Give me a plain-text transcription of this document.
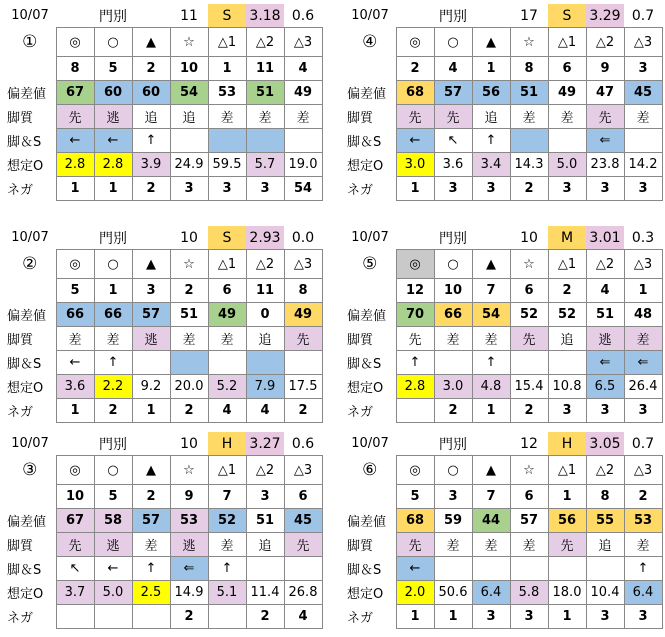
10/07		門別		11	S	3.18	0.6
①	◎	○	▲	☆	△1	△2	△3
	8	5	2	10	1	11	4
偏差値	67	60	60	54	53	51	49
脚質	先	逃	追	追	差	差	差
脚＆S	←	←	↑				
想定O	2.8	2.8	3.9	24.9	59.5	5.7	19.0
ネガ	1	1	2	3	3	3	54
10/07		門別		17	S	3.29	0.7
④	◎	○	▲	☆	△1	△2	△3
	2	4	1	8	6	9	3
偏差値	68	57	56	51	49	47	45
脚質	先	先	追	差	差	先	差
脚＆S	←	↖	↑			⇐	
想定O	3.0	3.6	3.4	14.3	5.0	23.8	14.2
ネガ	1	3	3	2	3	3	3
10/07		門別		10	S	2.93	0.0
②	◎	○	▲	☆	△1	△2	△3
	5	1	3	2	6	11	8
偏差値	66	66	57	51	49	0	49
脚質	差	差	逃	差	差	追	先
脚＆S	←	↑					
想定O	3.6	2.2	9.2	20.0	5.2	7.9	17.5
ネガ	1	2	1	2	4	4	2
10/07		門別		10	M	3.01	0.3
⑤	◎	○	▲	☆	△1	△2	△3
	12	10	7	6	2	4	1
偏差値	70	66	54	52	52	51	48
脚質	先	差	差	先	追	逃	差
脚＆S	↑		↑			⇐	⇐
想定O	2.8	3.0	4.8	15.4	10.8	6.5	26.4
ネガ		2	1	2	3	3	3
10/07		門別		10	H	3.27	0.6
③	◎	○	▲	☆	△1	△2	△3
	10	5	2	9	7	3	6
偏差値	67	58	57	53	52	51	45
脚質	先	逃	差	逃	差	追	先
脚＆S	↖	←	↑	⇐	↑		
想定O	3.7	5.0	2.5	14.9	5.1	11.4	26.8
ネガ				2		2	4
10/07		門別		12	H	3.05	0.7
⑥	◎	○	▲	☆	△1	△2	△3
	5	3	7	6	1	8	2
偏差値	68	59	44	57	56	55	53
脚質	先	差	差	差	先	追	差
脚＆S	←						↑
想定O	2.0	50.6	6.4	5.8	18.0	10.4	6.4
ネガ	1	1	3	3	1	3	3
